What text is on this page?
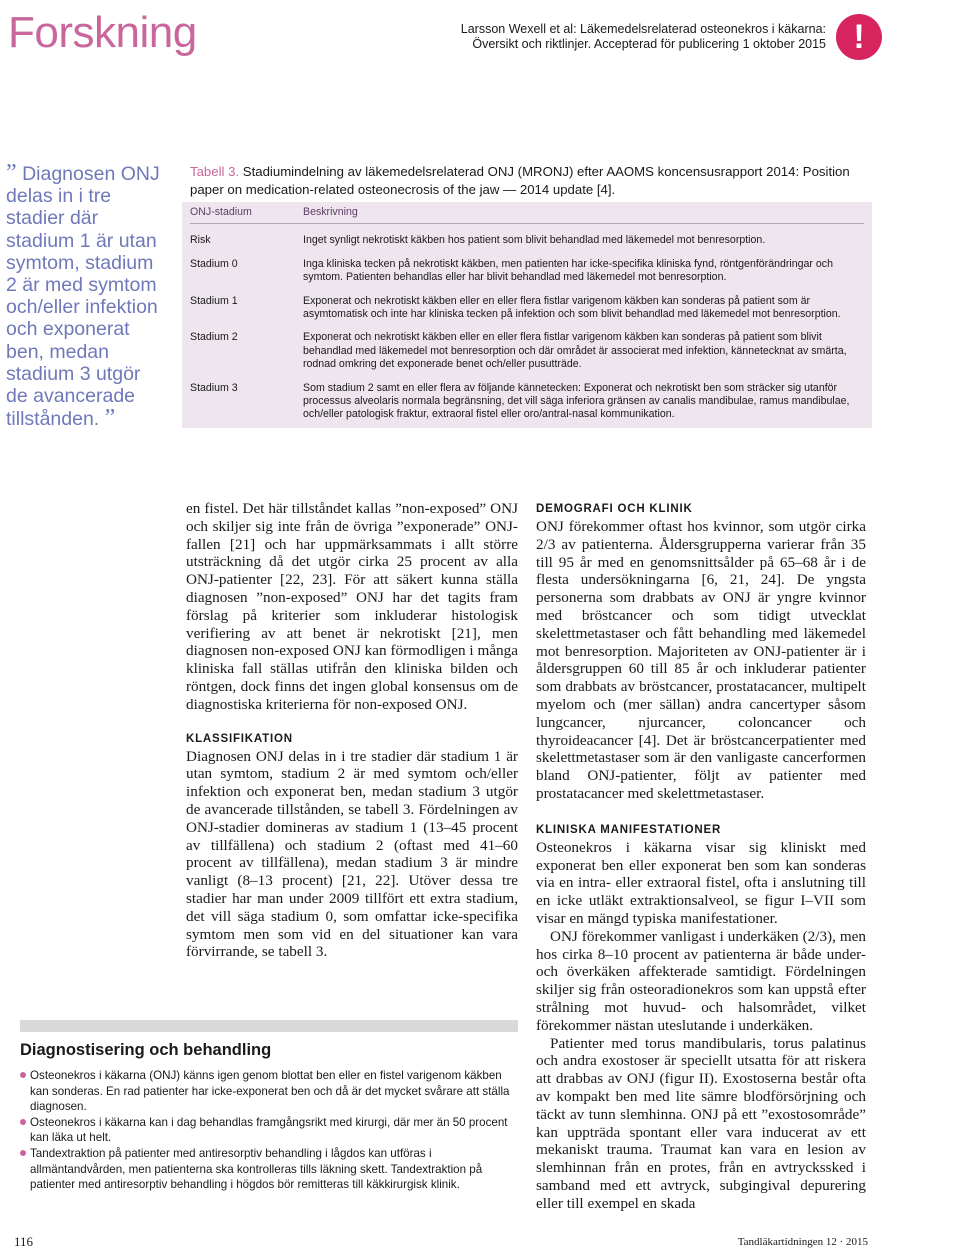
Forskning	Larsson Wexell et al: Läkemedelsrelaterad osteonekros i käkarna:
Översikt och riktlinjer. Accepterad för publicering 1 oktober 2015 !
” Diagnosen ONJ delas in i tre stadier där stadium 1 är utan symtom, stadium 2 är med symtom och/eller infektion och exponerat ben, medan stadium 3 utgör de avancerade tillstånden. ”
Tabell 3. Stadiumindelning av läkemedelsrelaterad ONJ (MRONJ) efter AAOMS koncensusrapport 2014: Position paper on medication-related osteonecrosis of the jaw — 2014 update [4].
ONJ-stadium	Beskrivning
Risk	Inget synligt nekrotiskt käkben hos patient som blivit behandlad med läkemedel mot benresorption.
Stadium 0	Inga kliniska tecken på nekrotiskt käkben, men patienten har icke-specifika kliniska fynd, röntgenförändringar och symtom. Patienten behandlas eller har blivit behandlad med läkemedel mot benresorption.
Stadium 1	Exponerat och nekrotiskt käkben eller en eller flera fistlar varigenom käkben kan sonderas på patient som är asymtomatisk och inte har kliniska tecken på infektion och som blivit behandlad med läkemedel mot benresorption.
Stadium 2	Exponerat och nekrotiskt käkben eller en eller flera fistlar varigenom käkben kan sonderas på patient som blivit behandlad med läkemedel mot benresorption och där området är associerat med infektion, kännetecknat av smärta, rodnad omkring det exponerade benet och/eller pusutträde.
Stadium 3	Som stadium 2 samt en eller flera av följande kännetecken: Exponerat och nekrotiskt ben som sträcker sig utanför processus alveolaris normala begränsning, det vill säga inferiora gränsen av canalis mandibulae, ramus mandibulae, och/eller patologisk fraktur, extraoral fistel eller oro/antral-nasal kommunikation.

en fistel. Det här tillståndet kallas ”non-exposed” ONJ och skiljer sig inte från de övriga ”exponerade” ONJ-fallen [21] och har uppmärksammats i allt större utsträckning då det utgör cirka 25 procent av alla ONJ-patienter [22, 23]. För att säkert kunna ställa diagnosen ”non-exposed” ONJ har det tagits fram förslag på kriterier som inkluderar histologisk verifiering av att benet är nekrotiskt [21], men diagnosen non-exposed ONJ kan förmodligen i många kliniska fall ställas utifrån den kliniska bilden och röntgen, dock finns det ingen global konsensus om de diagnostiska kriterierna för non-exposed ONJ.

KLASSIFIKATION

Diagnosen ONJ delas in i tre stadier där stadium 1 är utan symtom, stadium 2 är med symtom och/eller infektion och exponerat ben, medan stadium 3 utgör de avancerade tillstånden, se tabell 3. Fördelningen av ONJ-stadier domineras av stadium 1 (13–45 procent av tillfällena) och stadium 2 (oftast med 41–60 procent av tillfällena), medan stadium 3 är mindre vanligt (8–13 procent) [21, 22]. Utöver dessa tre stadier har man under 2009 tillfört ett extra stadium, det vill säga stadium 0, som omfattar icke-specifika symtom men som vid en del situationer kan vara förvirrande, se tabell 3.

DEMOGRAFI OCH KLINIK

ONJ förekommer oftast hos kvinnor, som utgör cirka 2/3 av patienterna. Åldersgrupperna varierar från 35 till 95 år med en genomsnittsålder på 65–68 år i de flesta undersökningarna [6, 21, 24]. De yngsta personerna som drabbats av ONJ är yngre kvinnor med bröstcancer och som tidigt utvecklat skelettmetastaser och fått behandling med läkemedel mot benresorption. Majoriteten av ONJ-patienter är i åldersgruppen 60 till 85 år och inkluderar patienter som drabbats av bröstcancer, prostatacancer, multipelt myelom och (mer sällan) andra cancertyper såsom lungcancer, njurcancer, coloncancer och thyroideacancer [4]. Det är bröstcancerpatienter med skelettmetastaser som är den vanligaste cancerformen bland ONJ-patienter, följt av patienter med prostatacancer med skelettmetastaser.

KLINISKA MANIFESTATIONER

Osteonekros i käkarna visar sig kliniskt med exponerat ben eller exponerat ben som kan sonderas via en intra- eller extraoral fistel, ofta i anslutning till en icke utläkt extraktionsalveol, se figur I–VII som visar en mängd typiska manifestationer.

ONJ förekommer vanligast i underkäken (2/3), men hos cirka 8–10 procent av patienterna är både under- och överkäken affekterade samtidigt. Fördelningen skiljer sig från osteoradionekros som kan uppstå efter strålning mot huvud- och halsområdet, vilket förekommer nästan uteslutande i underkäken.

Patienter med torus mandibularis, torus palatinus och andra exostoser är speciellt utsatta för att riskera att drabbas av ONJ (figur II). Exostoserna består ofta av kompakt ben med lite sämre blodförsörjning och täckt av tunn slemhinna. ONJ på ett ”exostosområde” kan uppträda spontant eller vara inducerat av ett mekaniskt trauma. Traumat kan vara en lesion av slemhinnan från en protes, från en avtryckssked i samband med ett avtryck, subgingival depurering eller till exempel en skada

Diagnostisering och behandling
Osteonekros i käkarna (ONJ) känns igen genom blottat ben eller en fistel varigenom käkben kan sonderas. En rad patienter har icke-exponerat ben och då är det mycket svårare att ställa diagnosen.
Osteonekros i käkarna kan i dag behandlas framgångsrikt med kirurgi, där mer än 50 procent kan läka ut helt.
Tandextraktion på patienter med antiresorptiv behandling i lågdos kan utföras i allmäntandvården, men patienterna ska kontrolleras tills läkning skett. Tandextraktion på patienter med antiresorptiv behandling i högdos bör remitteras till käkkirurgisk klinik.
116	Tandläkartidningen 12 · 2015
